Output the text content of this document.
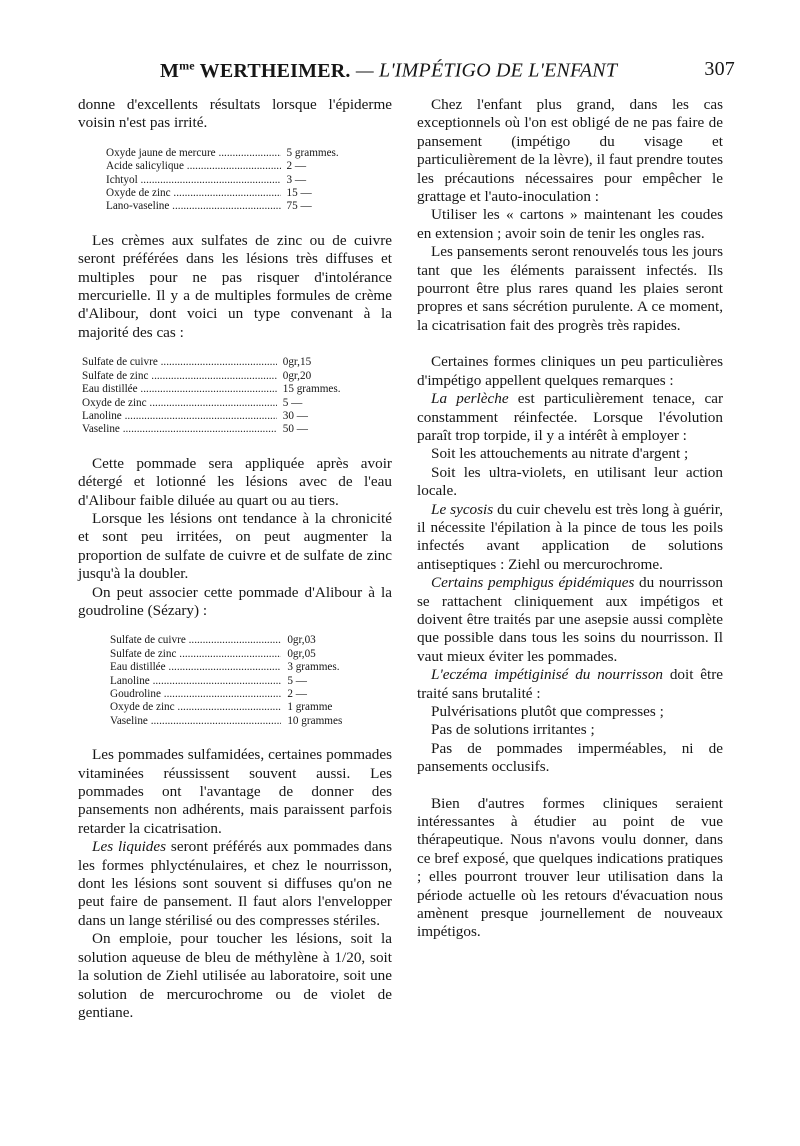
$M^{me}$ WERTHEIMER. — L'IMPÉTIGO DE L'ENFANT	307

donne d'excellents résultats lorsque l'épiderme voisin n'est pas irrité.

Oxyde jaune de mercure .....	5 grammes.
Acide salicylique .....	2 —
Ichtyol .....	3 —
Oxyde de zinc .....	15 —
Lano-vaseline .....	75 —

Les crèmes aux sulfates de zinc ou de cuivre seront préférées dans les lésions très diffuses et multiples pour ne pas risquer d'intolérance mercurielle. Il y a de multiples formules de crème d'Alibour, dont voici un type convenant à la majorité des cas :

Sulfate de cuivre .....	0gr,15
Sulfate de zinc .....	0gr,20
Eau distillée .....	15 grammes.
Oxyde de zinc .....	5 —
Lanoline .....	30 —
Vaseline .....	50 —

Cette pommade sera appliquée après avoir détergé et lotionné les lésions avec de l'eau d'Alibour faible diluée au quart ou au tiers.

Lorsque les lésions ont tendance à la chronicité et sont peu irritées, on peut augmenter la proportion de sulfate de cuivre et de sulfate de zinc jusqu'à la doubler.

On peut associer cette pommade d'Alibour à la goudroline (Sézary) :

Sulfate de cuivre .....	0gr,03
Sulfate de zinc .....	0gr,05
Eau distillée .....	3 grammes.
Lanoline .....	5 —
Goudroline .....	2 —
Oxyde de zinc .....	1 gramme
Vaseline .....	10 grammes

Les pommades sulfamidées, certaines pommades vitaminées réussissent souvent aussi. Les pommades ont l'avantage de donner des pansements non adhérents, mais paraissent parfois retarder la cicatrisation.

Les liquides seront préférés aux pommades dans les formes phlycténulaires, et chez le nourrisson, dont les lésions sont souvent si diffuses qu'on ne peut faire de pansement. Il faut alors l'envelopper dans un lange stérilisé ou des compresses stériles.

On emploie, pour toucher les lésions, soit la solution aqueuse de bleu de méthylène à 1/20, soit la solution de Ziehl utilisée au laboratoire, soit une solution de mercurochrome ou de violet de gentiane.

Chez l'enfant plus grand, dans les cas exceptionnels où l'on est obligé de ne pas faire de pansement (impétigo du visage et particulièrement de la lèvre), il faut prendre toutes les précautions nécessaires pour empêcher le grattage et l'auto-inoculation :

Utiliser les « cartons » maintenant les coudes en extension ; avoir soin de tenir les ongles ras.

Les pansements seront renouvelés tous les jours tant que les éléments paraissent infectés. Ils pourront être plus rares quand les plaies seront propres et sans sécrétion purulente. A ce moment, la cicatrisation fait des progrès très rapides.

Certaines formes cliniques un peu particulières d'impétigo appellent quelques remarques :

La perlèche est particulièrement tenace, car constamment réinfectée. Lorsque l'évolution paraît trop torpide, il y a intérêt à employer :

Soit les attouchements au nitrate d'argent ;

Soit les ultra-violets, en utilisant leur action locale.

Le sycosis du cuir chevelu est très long à guérir, il nécessite l'épilation à la pince de tous les poils infectés avant application de solutions antiseptiques : Ziehl ou mercurochrome.

Certains pemphigus épidémiques du nourrisson se rattachent cliniquement aux impétigos et doivent être traités par une asepsie aussi complète que possible dans tous les soins du nourrisson. Il vaut mieux éviter les pommades.

L'eczéma impétiginisé du nourrisson doit être traité sans brutalité :

Pulvérisations plutôt que compresses ;

Pas de solutions irritantes ;

Pas de pommades imperméables, ni de pansements occlusifs.

Bien d'autres formes cliniques seraient intéressantes à étudier au point de vue thérapeutique. Nous n'avons voulu donner, dans ce bref exposé, que quelques indications pratiques ; elles pourront trouver leur utilisation dans la période actuelle où les retours d'évacuation nous amènent presque journellement de nouveaux impétigos.
